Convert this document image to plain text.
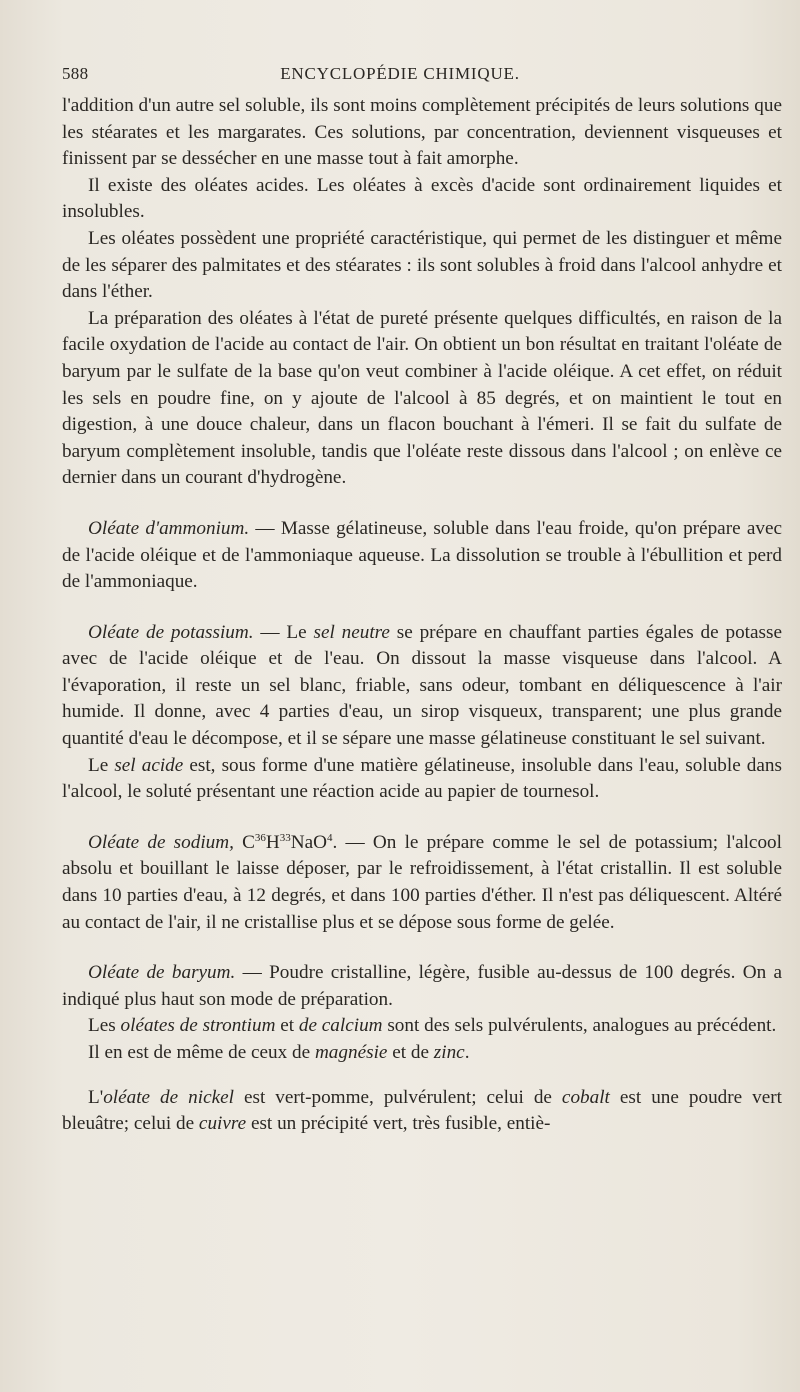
588	ENCYCLOPÉDIE CHIMIQUE.

l'addition d'un autre sel soluble, ils sont moins complètement précipités de leurs solutions que les stéarates et les margarates. Ces solutions, par concentration, deviennent visqueuses et finissent par se dessécher en une masse tout à fait amorphe.

Il existe des oléates acides. Les oléates à excès d'acide sont ordinairement liquides et insolubles.

Les oléates possèdent une propriété caractéristique, qui permet de les distinguer et même de les séparer des palmitates et des stéarates : ils sont solubles à froid dans l'alcool anhydre et dans l'éther.

La préparation des oléates à l'état de pureté présente quelques difficultés, en raison de la facile oxydation de l'acide au contact de l'air. On obtient un bon résultat en traitant l'oléate de baryum par le sulfate de la base qu'on veut combiner à l'acide oléique. A cet effet, on réduit les sels en poudre fine, on y ajoute de l'alcool à 85 degrés, et on maintient le tout en digestion, à une douce chaleur, dans un flacon bouchant à l'émeri. Il se fait du sulfate de baryum complètement insoluble, tandis que l'oléate reste dissous dans l'alcool ; on enlève ce dernier dans un courant d'hydrogène.

Oléate d'ammonium. — Masse gélatineuse, soluble dans l'eau froide, qu'on prépare avec de l'acide oléique et de l'ammoniaque aqueuse. La dissolution se trouble à l'ébullition et perd de l'ammoniaque.

Oléate de potassium. — Le sel neutre se prépare en chauffant parties égales de potasse avec de l'acide oléique et de l'eau. On dissout la masse visqueuse dans l'alcool. A l'évaporation, il reste un sel blanc, friable, sans odeur, tombant en déliquescence à l'air humide. Il donne, avec 4 parties d'eau, un sirop visqueux, transparent; une plus grande quantité d'eau le décompose, et il se sépare une masse gélatineuse constituant le sel suivant.

Le sel acide est, sous forme d'une matière gélatineuse, insoluble dans l'eau, soluble dans l'alcool, le soluté présentant une réaction acide au papier de tournesol.

Oléate de sodium, $C^{36}H^{33}NaO^4$. — On le prépare comme le sel de potassium; l'alcool absolu et bouillant le laisse déposer, par le refroidissement, à l'état cristallin. Il est soluble dans 10 parties d'eau, à 12 degrés, et dans 100 parties d'éther. Il n'est pas déliquescent. Altéré au contact de l'air, il ne cristallise plus et se dépose sous forme de gelée.

Oléate de baryum. — Poudre cristalline, légère, fusible au-dessus de 100 degrés. On a indiqué plus haut son mode de préparation.

Les oléates de strontium et de calcium sont des sels pulvérulents, analogues au précédent.

Il en est de même de ceux de magnésie et de zinc.

L'oléate de nickel est vert-pomme, pulvérulent; celui de cobalt est une poudre vert bleuâtre; celui de cuivre est un précipité vert, très fusible, entiè-
